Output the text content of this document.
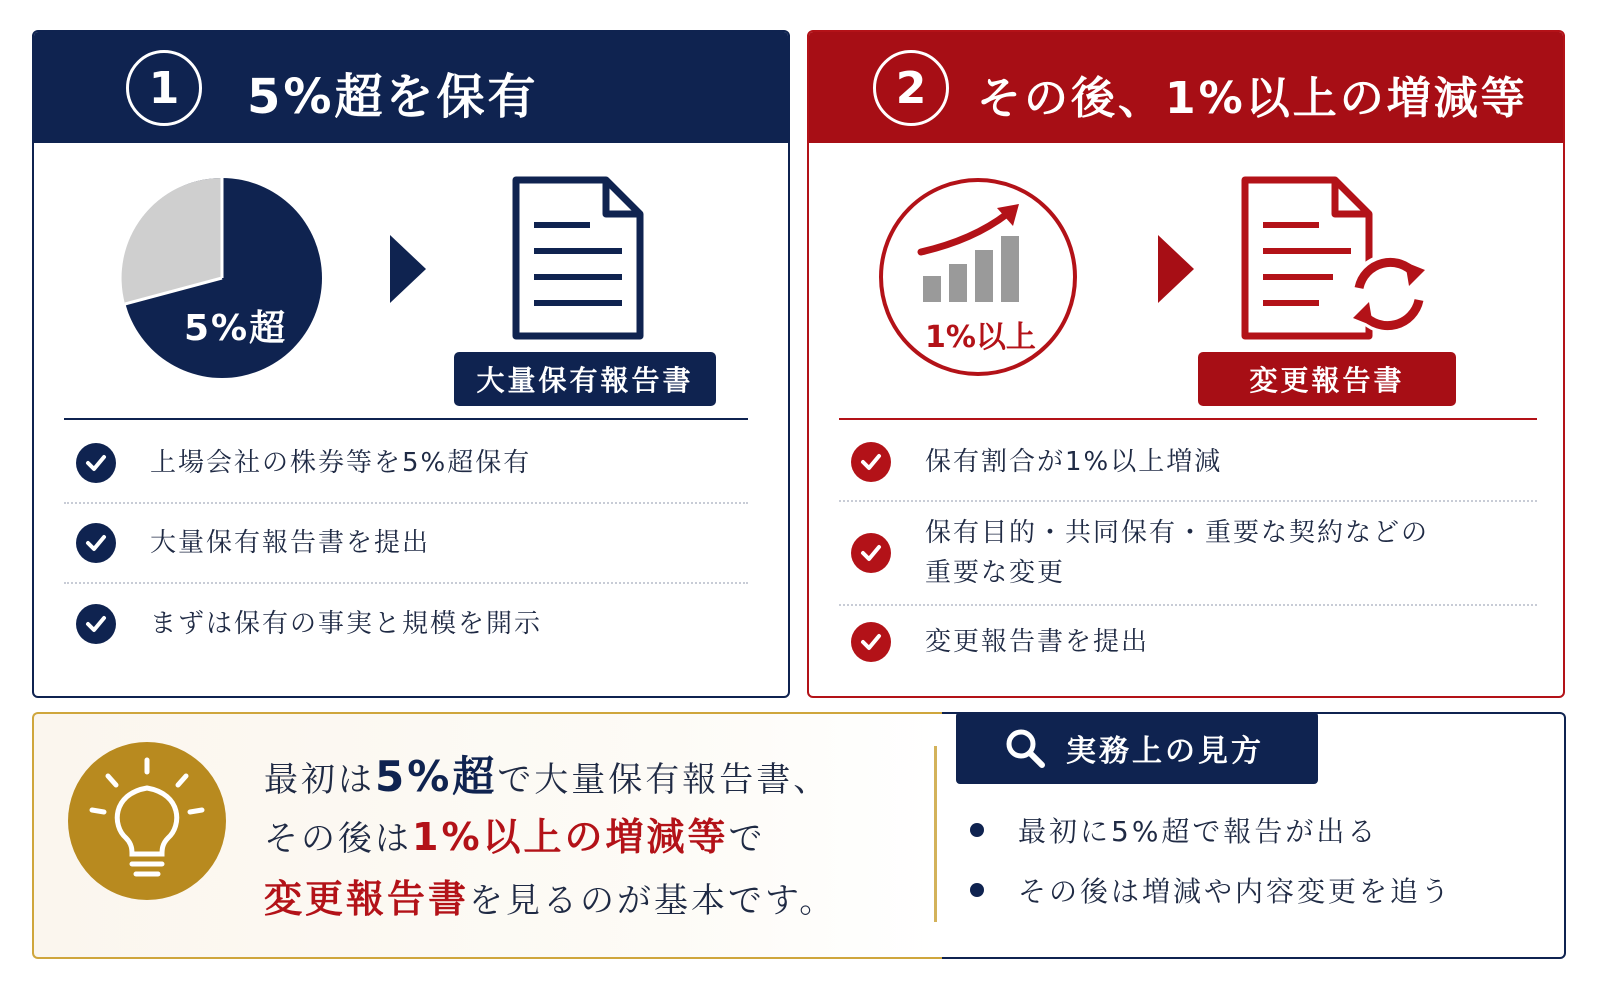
1	5%超を保有
5%超
大量保有報告書
上場会社の株券等を5%超保有
大量保有報告書を提出
まずは保有の事実と規模を開示
2	その後、1%以上の増減等
1%以上
変更報告書
保有割合が1%以上増減
保有目的・共同保有・重要な契約などの
重要な変更
変更報告書を提出
最初は5%超で大量保有報告書、
その後は1%以上の増減等で
変更報告書を見るのが基本です。
実務上の見方
最初に5%超で報告が出る
その後は増減や内容変更を追う
